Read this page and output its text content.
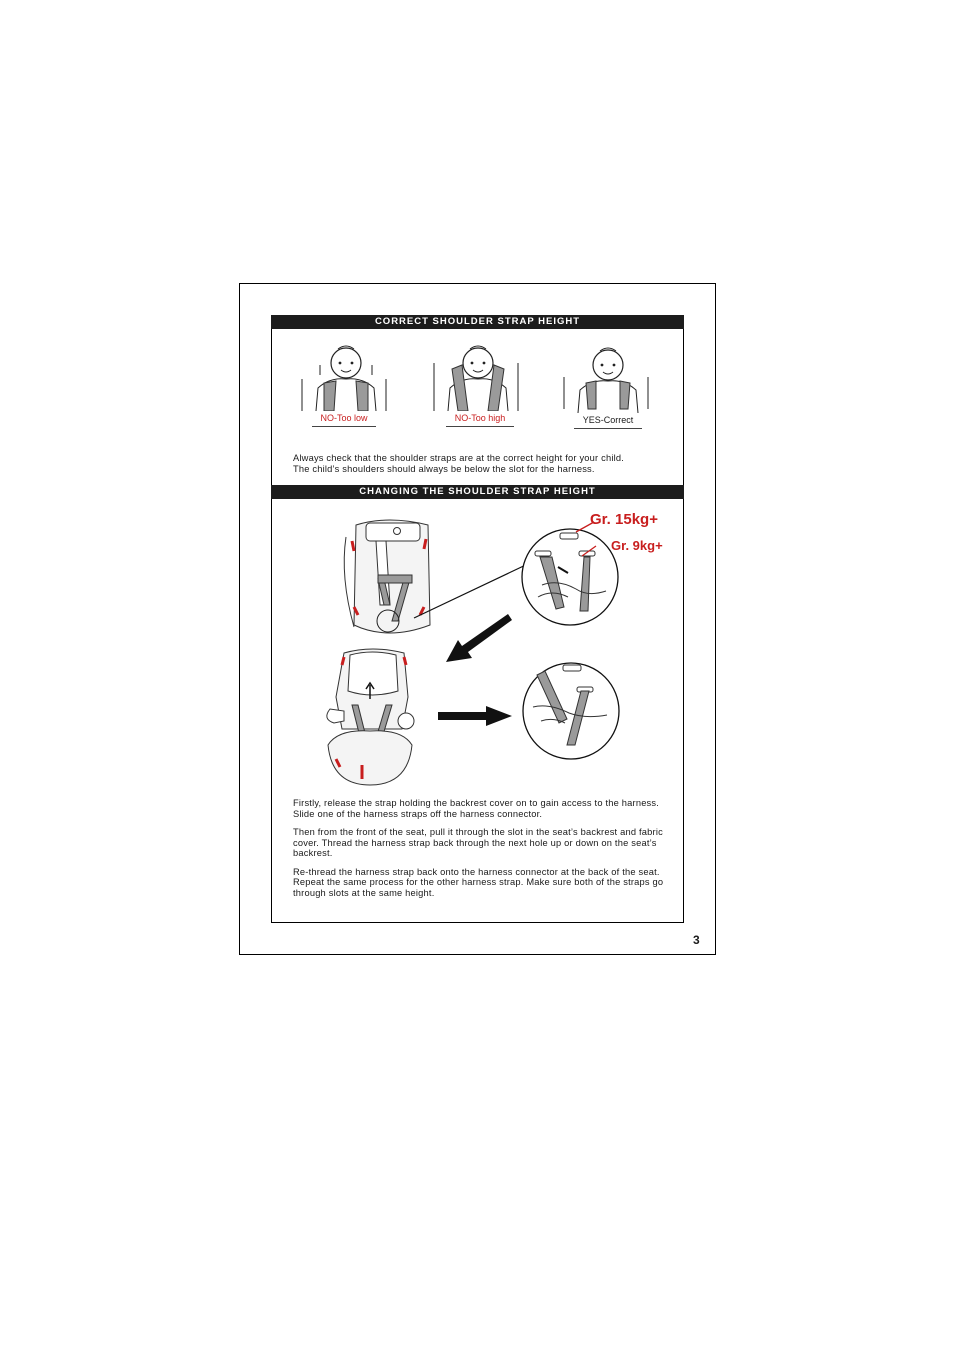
CORRECT SHOULDER STRAP HEIGHT
CHANGING THE SHOULDER STRAP HEIGHT
NO-Too low	NO-Too high	YES-Correct
Always check that the shoulder straps are at the correct height for your child.
The child’s shoulders should always be below the slot for the harness.
Gr. 15kg+
Gr. 9kg+
Firstly, release the strap holding the backrest cover on to gain access to the harness. Slide one of the harness straps off the harness connector.
Then from the front of the seat, pull it through the slot in the seat’s backrest and fabric cover. Thread the harness strap back through the next hole up or down on the seat’s backrest.
Re-thread the harness strap back onto the harness connector at the back of the seat.
Repeat the same process for the other harness strap. Make sure both of the straps go through slots at the same height.
3
